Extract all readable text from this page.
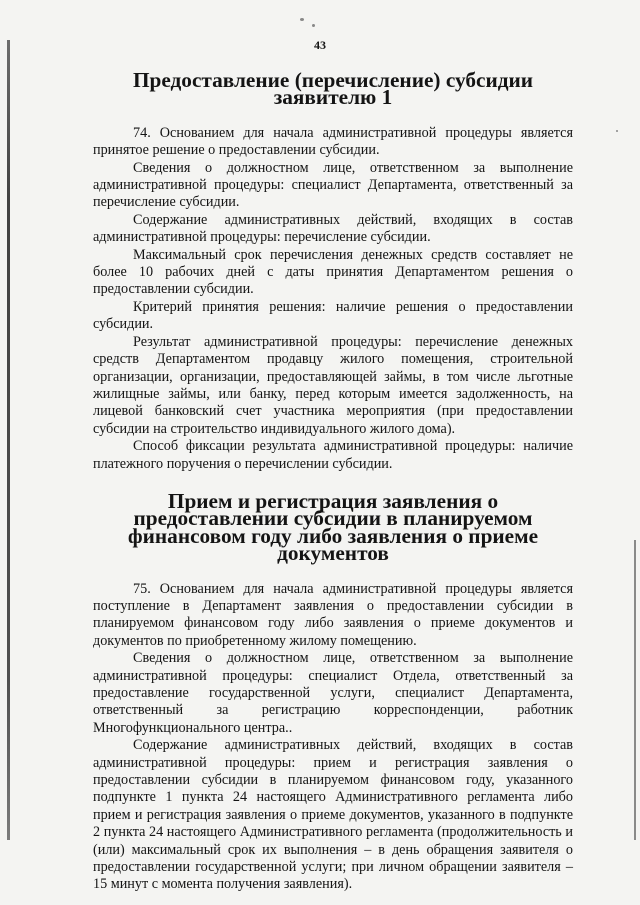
43
Предоставление (перечисление) субсидии заявителю 1

74. Основанием для начала административной процедуры является принятое решение о предоставлении субсидии.

Сведения о должностном лице, ответственном за выполнение административной процедуры: специалист Департамента, ответственный за перечисление субсидии.

Содержание административных действий, входящих в состав административной процедуры: перечисление субсидии.

Максимальный срок перечисления денежных средств составляет не более 10 рабочих дней с даты принятия Департаментом решения о предоставлении субсидии.

Критерий принятия решения: наличие решения о предоставлении субсидии.

Результат административной процедуры: перечисление денежных средств Департаментом продавцу жилого помещения, строительной организации, организации, предоставляющей займы, в том числе льготные жилищные займы, или банку, перед которым имеется задолженность, на лицевой банковский счет участника мероприятия (при предоставлении субсидии на строительство индивидуального жилого дома).

Способ фиксации результата административной процедуры: наличие платежного поручения о перечислении субсидии.

Прием и регистрация заявления о предоставлении субсидии в планируемом финансовом году либо заявления о приеме документов

75. Основанием для начала административной процедуры является поступление в Департамент заявления о предоставлении субсидии в планируемом финансовом году либо заявления о приеме документов и документов по приобретенному жилому помещению.

Сведения о должностном лице, ответственном за выполнение административной процедуры: специалист Отдела, ответственный за предоставление государственной услуги, специалист Департамента, ответственный за регистрацию корреспонденции, работник Многофункционального центра..

Содержание административных действий, входящих в состав административной процедуры: прием и регистрация заявления о предоставлении субсидии в планируемом финансовом году, указанного подпункте 1 пункта 24 настоящего Административного регламента либо прием и регистрация заявления о приеме документов, указанного в подпункте 2 пункта 24 настоящего Административного регламента (продолжительность и (или) максимальный срок их выполнения – в день обращения заявителя о предоставлении государственной услуги; при личном обращении заявителя – 15 минут с момента получения заявления).
